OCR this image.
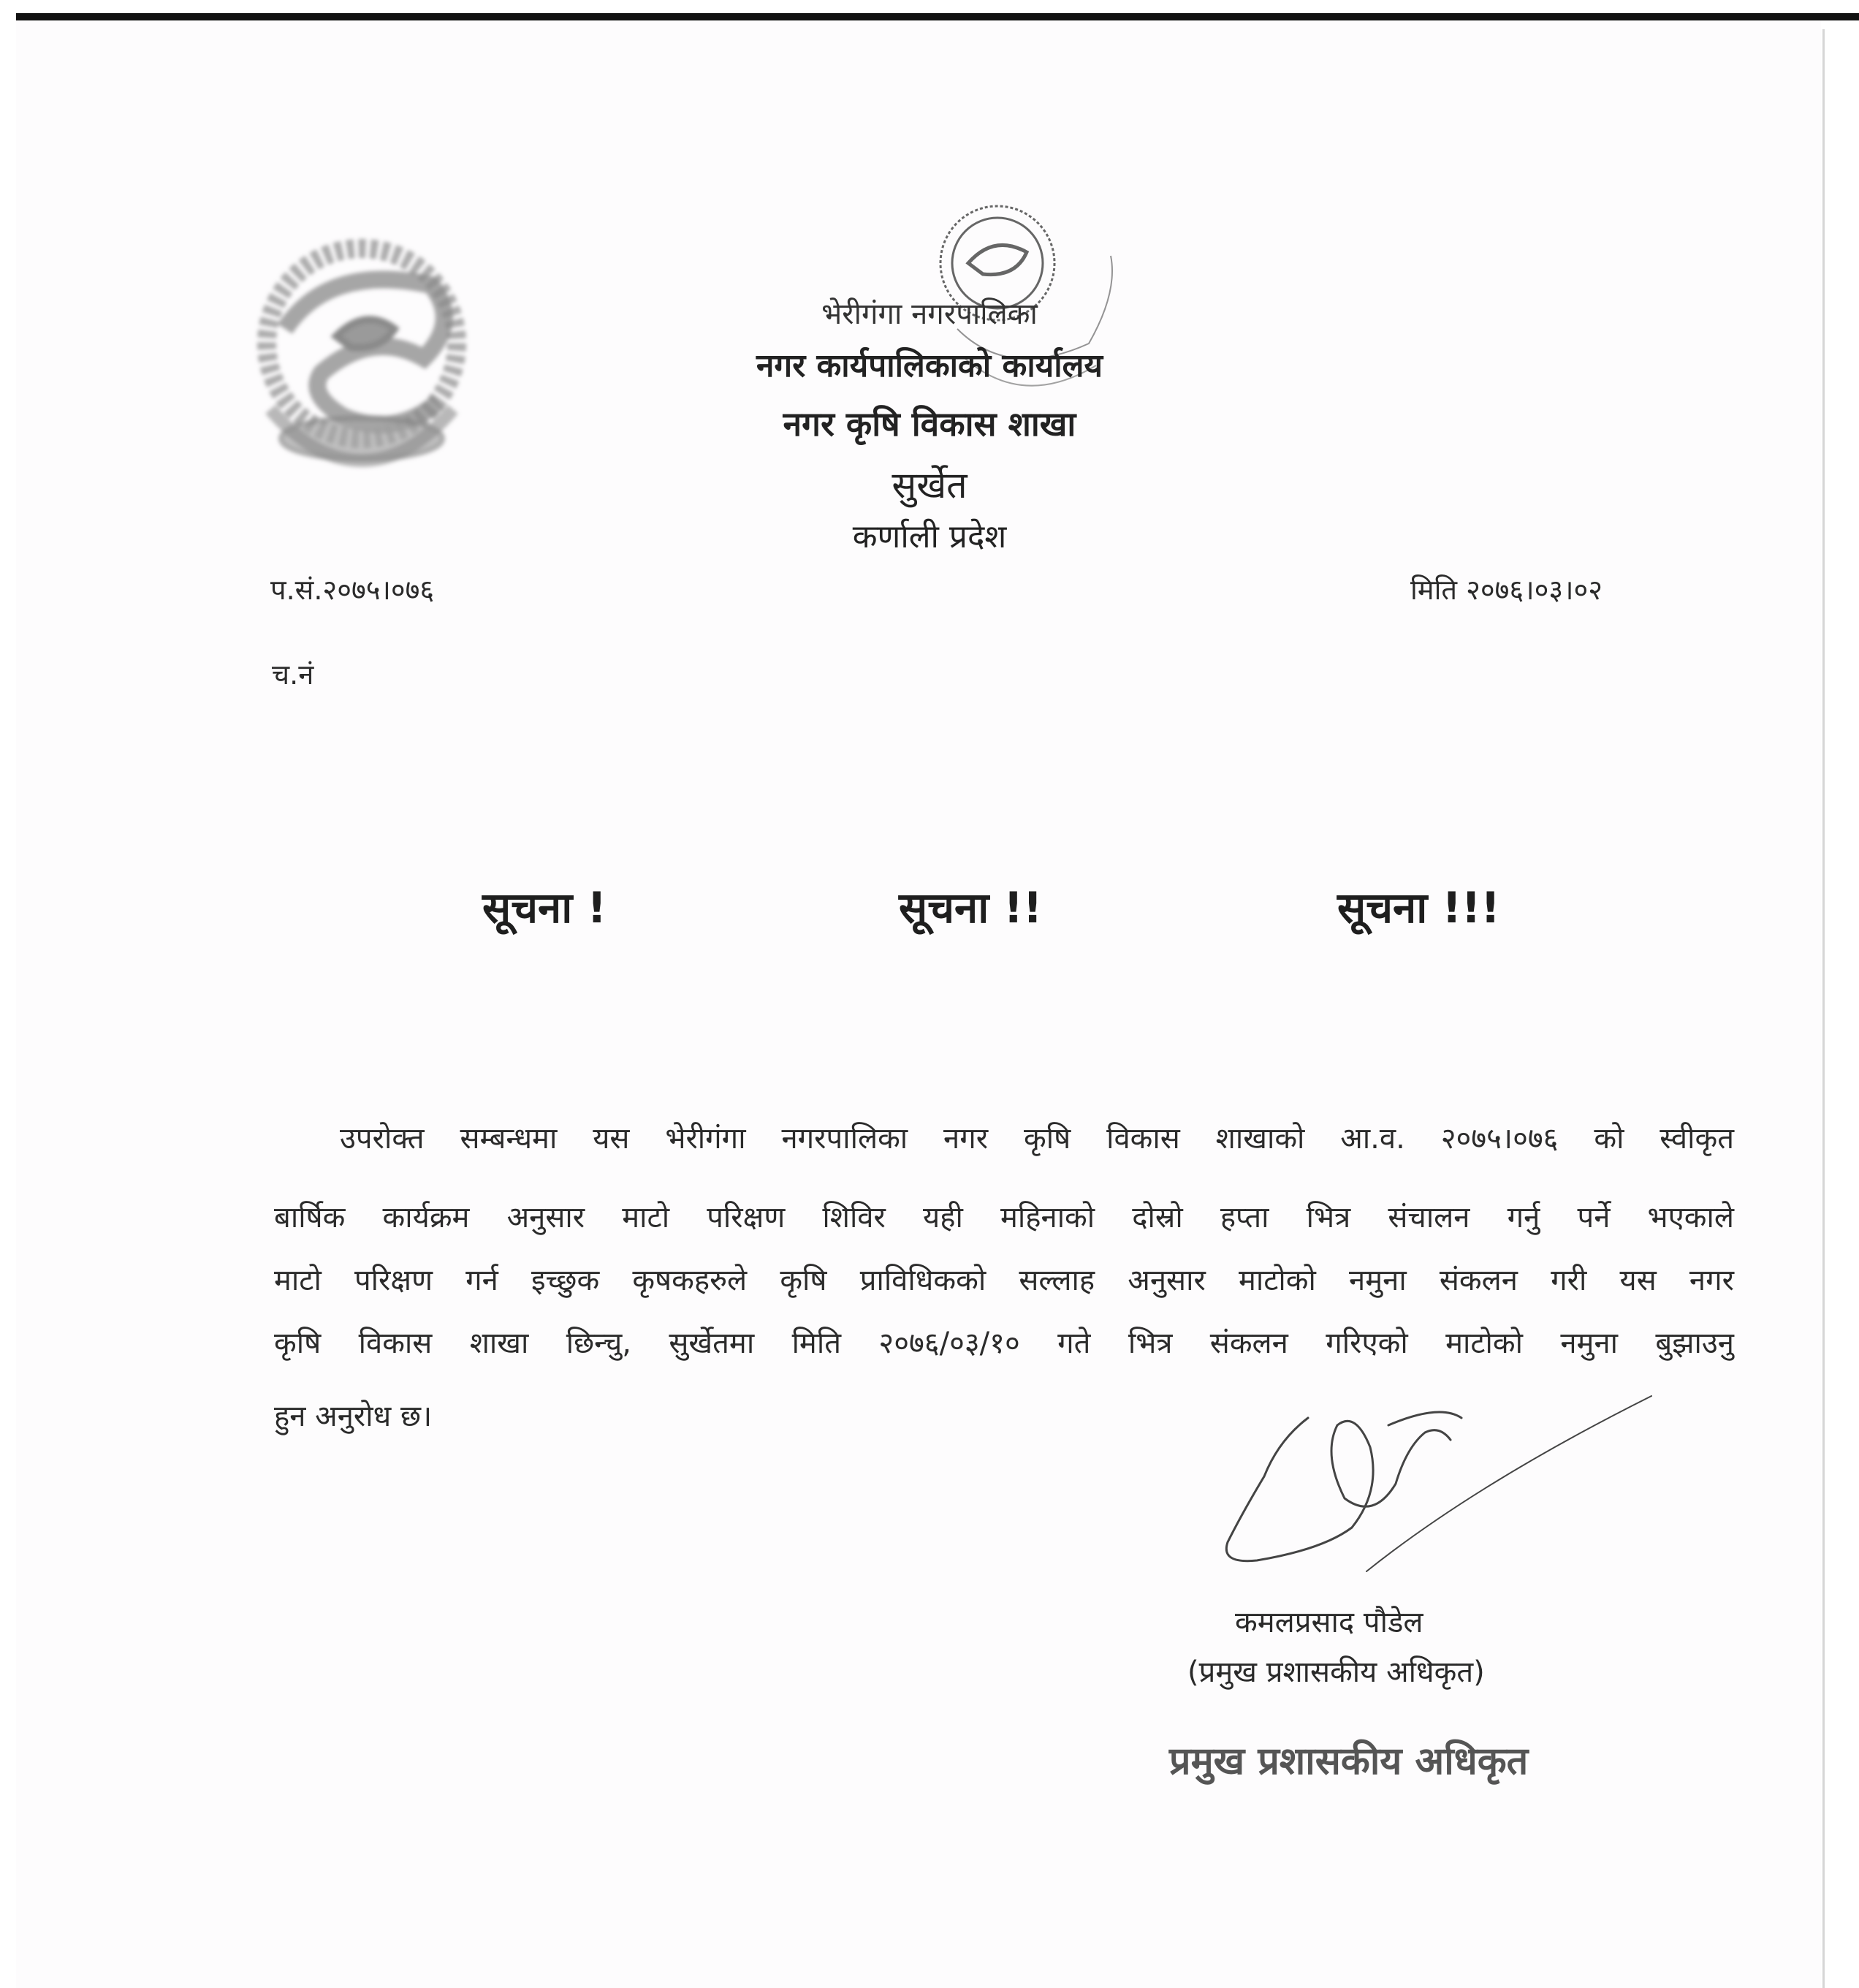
भेरीगंगा नगरपालिका
नगर कार्यपालिकाको कार्यालय
नगर कृषि विकास शाखा
सुर्खेत
कर्णाली प्रदेश
प.सं.२०७५।०७६	मिति २०७६।०३।०२
च.नं
सूचना !	सूचना !!	सूचना !!!
उपरोक्त सम्बन्धमा यस भेरीगंगा नगरपालिका नगर कृषि विकास शाखाको आ.व. २०७५।०७६ को स्वीकृत
बार्षिक कार्यक्रम अनुसार माटो परिक्षण शिविर यही महिनाको दोस्रो हप्ता भित्र संचालन गर्नु पर्ने भएकाले
माटो परिक्षण गर्न इच्छुक कृषकहरुले कृषि प्राविधिकको सल्लाह अनुसार माटोको नमुना संकलन गरी यस नगर
कृषि विकास शाखा छिन्चु, सुर्खेतमा मिति २०७६/०३/१० गते भित्र संकलन गरिएको माटोको नमुना बुझाउनु
हुन अनुरोध छ।
कमलप्रसाद पौडेल
(प्रमुख प्रशासकीय अधिकृत)
प्रमुख प्रशासकीय अधिकृत
